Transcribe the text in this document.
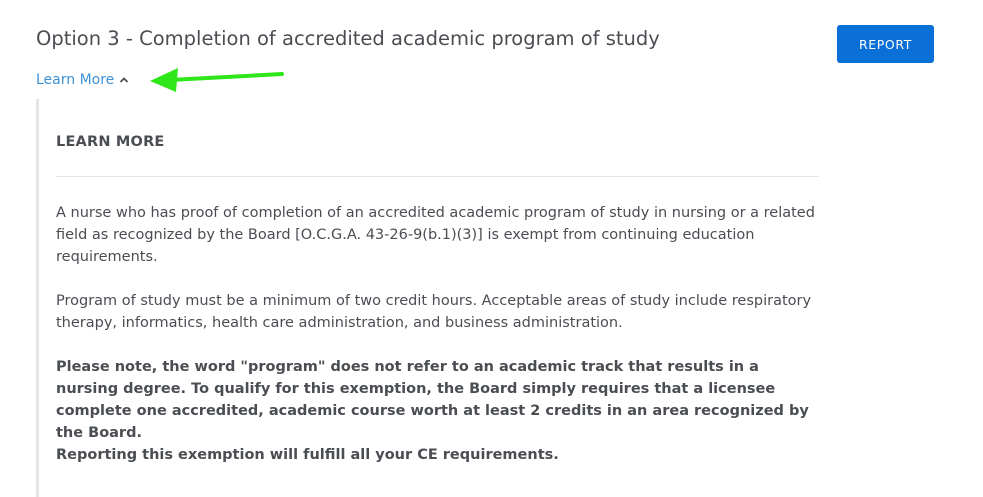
Option 3 - Completion of accredited academic program of study	REPORT
Learn More
LEARN MORE

A nurse who has proof of completion of an accredited academic program of study in nursing or a related field as recognized by the Board [O.C.G.A. 43-26-9(b.1)(3)] is exempt from continuing education requirements.

Program of study must be a minimum of two credit hours. Acceptable areas of study include respiratory therapy, informatics, health care administration, and business administration.

Please note, the word "program" does not refer to an academic track that results in a nursing degree. To qualify for this exemption, the Board simply requires that a licensee complete one accredited, academic course worth at least 2 credits in an area recognized by the Board.

Reporting this exemption will fulfill all your CE requirements.
